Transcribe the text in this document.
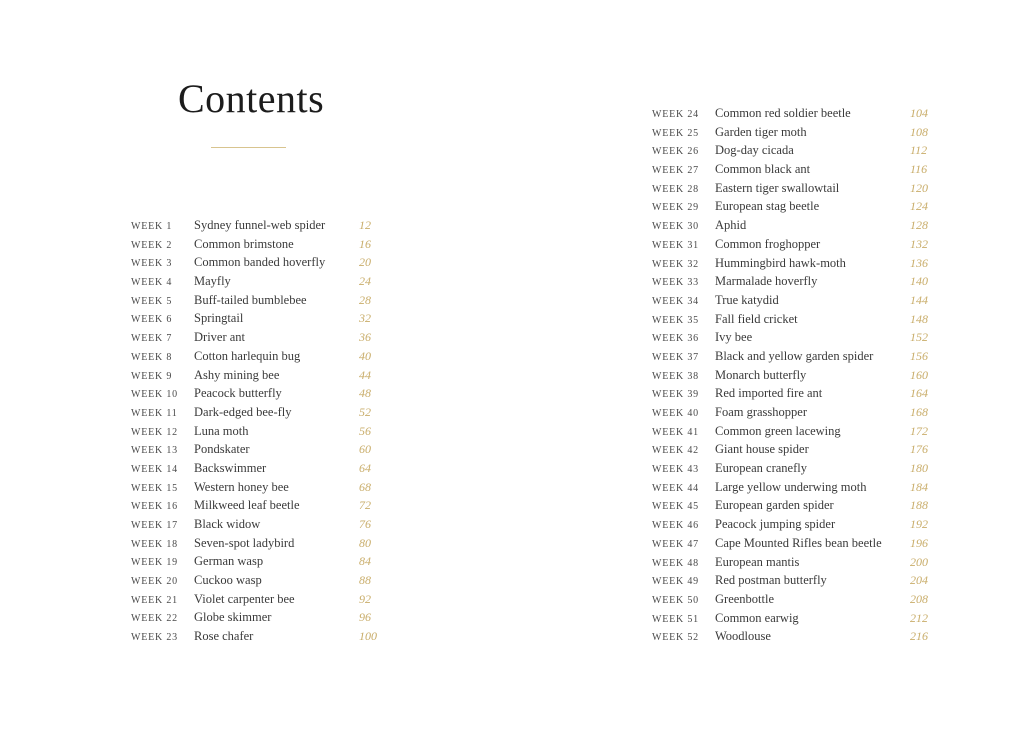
Contents
WEEK 1 Sydney funnel-web spider	12
WEEK 2 Common brimstone	16
WEEK 3 Common banded hoverfly	20
WEEK 4 Mayfly	24
WEEK 5 Buff-tailed bumblebee	28
WEEK 6 Springtail	32
WEEK 7 Driver ant	36
WEEK 8 Cotton harlequin bug	40
WEEK 9 Ashy mining bee	44
WEEK 10 Peacock butterfly	48
WEEK 11 Dark-edged bee-fly	52
WEEK 12 Luna moth	56
WEEK 13 Pondskater	60
WEEK 14 Backswimmer	64
WEEK 15 Western honey bee	68
WEEK 16 Milkweed leaf beetle	72
WEEK 17 Black widow	76
WEEK 18 Seven-spot ladybird	80
WEEK 19 German wasp	84
WEEK 20 Cuckoo wasp	88
WEEK 21 Violet carpenter bee	92
WEEK 22 Globe skimmer	96
WEEK 23 Rose chafer	100
WEEK 24 Common red soldier beetle	104
WEEK 25 Garden tiger moth	108
WEEK 26 Dog-day cicada	112
WEEK 27 Common black ant	116
WEEK 28 Eastern tiger swallowtail	120
WEEK 29 European stag beetle	124
WEEK 30 Aphid	128
WEEK 31 Common froghopper	132
WEEK 32 Hummingbird hawk-moth	136
WEEK 33 Marmalade hoverfly	140
WEEK 34 True katydid	144
WEEK 35 Fall field cricket	148
WEEK 36 Ivy bee	152
WEEK 37 Black and yellow garden spider	156
WEEK 38 Monarch butterfly	160
WEEK 39 Red imported fire ant	164
WEEK 40 Foam grasshopper	168
WEEK 41 Common green lacewing	172
WEEK 42 Giant house spider	176
WEEK 43 European cranefly	180
WEEK 44 Large yellow underwing moth	184
WEEK 45 European garden spider	188
WEEK 46 Peacock jumping spider	192
WEEK 47 Cape Mounted Rifles bean beetle 196
WEEK 48 European mantis	200
WEEK 49 Red postman butterfly	204
WEEK 50 Greenbottle	208
WEEK 51 Common earwig	212
WEEK 52 Woodlouse	216
